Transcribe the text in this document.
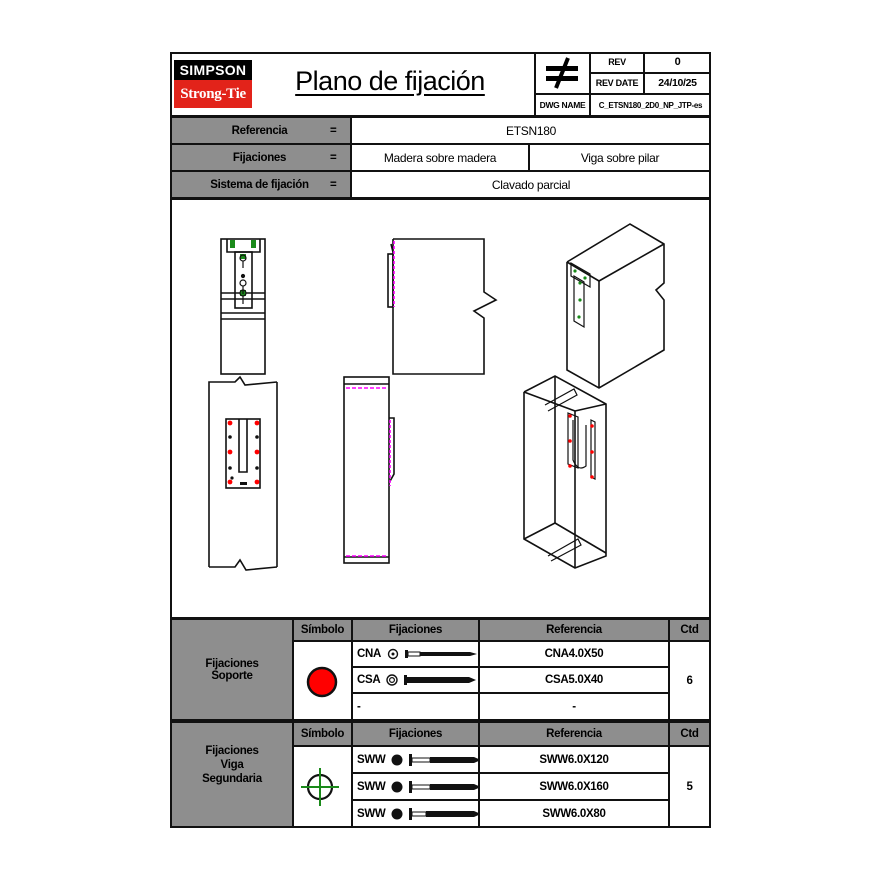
SIMPSON
Strong-Tie	Plano de fijación
REV	0
REV DATE	24/10/25
DWG NAME	C_ETSN180_2D0_NP_JTP-es
Referencia	=	ETSN180
Fijaciones	=	Madera sobre madera	Viga sobre pilar
Sistema de fijación	=	Clavado parcial
Fijaciones
Soporte
Símbolo	Fijaciones	Referencia	Ctd
CNA	CNA4.0X50
CSA	CSA5.0X40
-	-
6
Fijaciones
Viga
Segundaria
Símbolo	Fijaciones	Referencia	Ctd
SWW	SWW6.0X120
SWW	SWW6.0X160
SWW	SWW6.0X80
5
